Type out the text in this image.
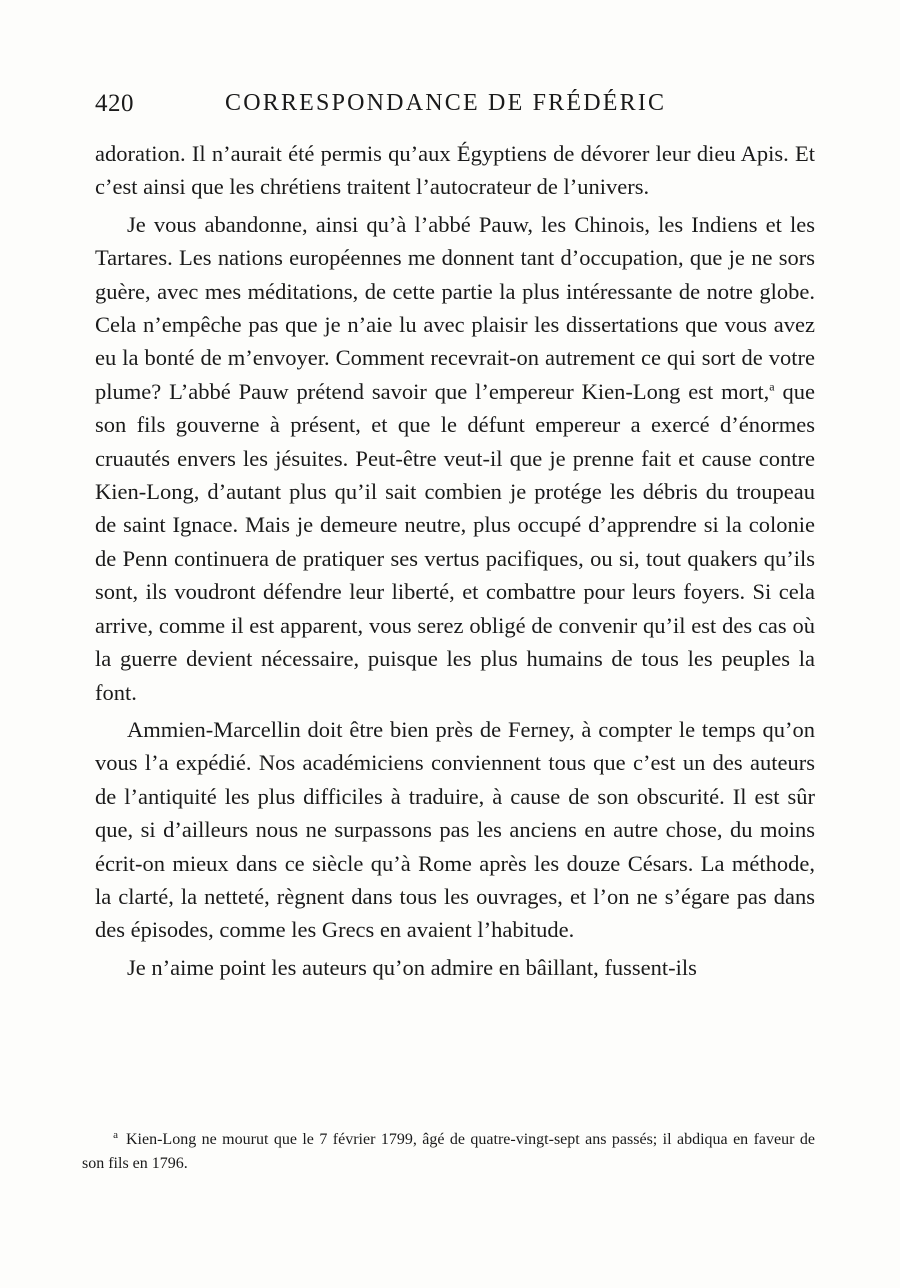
420	CORRESPONDANCE DE FRÉDÉRIC

adoration. Il n’aurait été permis qu’aux Égyptiens de dévorer leur dieu Apis. Et c’est ainsi que les chrétiens traitent l’autocrateur de l’univers.

Je vous abandonne, ainsi qu’à l’abbé Pauw, les Chinois, les Indiens et les Tartares. Les nations européennes me donnent tant d’occupation, que je ne sors guère, avec mes méditations, de cette partie la plus intéressante de notre globe. Cela n’empêche pas que je n’aie lu avec plaisir les dissertations que vous avez eu la bonté de m’envoyer. Comment recevrait-on autrement ce qui sort de votre plume? L’abbé Pauw prétend savoir que l’empereur Kien-Long est mort,$^a$ que son fils gouverne à présent, et que le défunt empereur a exercé d’énormes cruautés envers les jésuites. Peut-être veut-il que je prenne fait et cause contre Kien-Long, d’autant plus qu’il sait combien je protége les débris du troupeau de saint Ignace. Mais je demeure neutre, plus occupé d’apprendre si la colonie de Penn continuera de pratiquer ses vertus pacifiques, ou si, tout quakers qu’ils sont, ils voudront défendre leur liberté, et combattre pour leurs foyers. Si cela arrive, comme il est apparent, vous serez obligé de convenir qu’il est des cas où la guerre devient nécessaire, puisque les plus humains de tous les peuples la font.

Ammien-Marcellin doit être bien près de Ferney, à compter le temps qu’on vous l’a expédié. Nos académiciens conviennent tous que c’est un des auteurs de l’antiquité les plus difficiles à traduire, à cause de son obscurité. Il est sûr que, si d’ailleurs nous ne surpassons pas les anciens en autre chose, du moins écrit-on mieux dans ce siècle qu’à Rome après les douze Césars. La méthode, la clarté, la netteté, règnent dans tous les ouvrages, et l’on ne s’égare pas dans des épisodes, comme les Grecs en avaient l’habitude.

Je n’aime point les auteurs qu’on admire en bâillant, fussent-ils

a Kien-Long ne mourut que le 7 février 1799, âgé de quatre-vingt-sept ans passés; il abdiqua en faveur de son fils en 1796.
